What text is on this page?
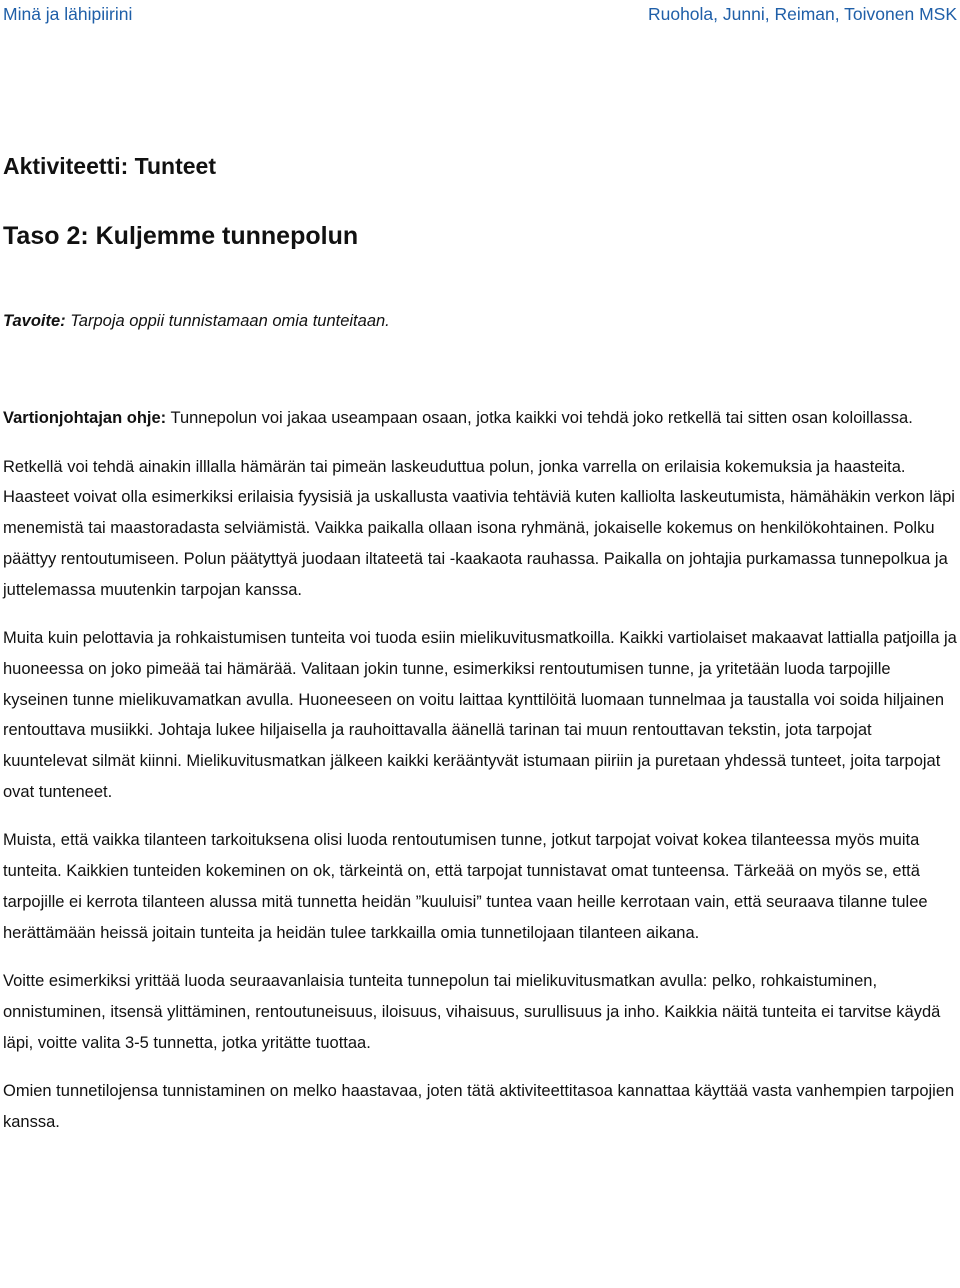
Minä ja lähipiirini	Ruohola, Junni, Reiman, Toivonen MSK
Aktiviteetti: Tunteet
Taso 2: Kuljemme tunnepolun

Tavoite: Tarpoja oppii tunnistamaan omia tunteitaan.

Vartionjohtajan ohje: Tunnepolun voi jakaa useampaan osaan, jotka kaikki voi tehdä joko retkellä tai sitten osan koloillassa.

Retkellä voi tehdä ainakin illlalla hämärän tai pimeän laskeuduttua polun, jonka varrella on erilaisia kokemuksia ja haasteita. Haasteet voivat olla esimerkiksi erilaisia fyysisiä ja uskallusta vaativia tehtäviä kuten kalliolta laskeutumista, hämähäkin verkon läpi menemistä tai maastoradasta selviämistä. Vaikka paikalla ollaan isona ryhmänä, jokaiselle kokemus on henkilökohtainen. Polku päättyy rentoutumiseen. Polun päätyttyä juodaan iltateetä tai -kaakaota rauhassa. Paikalla on johtajia purkamassa tunnepolkua ja juttelemassa muutenkin tarpojan kanssa.

Muita kuin pelottavia ja rohkaistumisen tunteita voi tuoda esiin mielikuvitusmatkoilla. Kaikki vartiolaiset makaavat lattialla patjoilla ja huoneessa on joko pimeää tai hämärää. Valitaan jokin tunne, esimerkiksi rentoutumisen tunne, ja yritetään luoda tarpojille kyseinen tunne mielikuvamatkan avulla. Huoneeseen on voitu laittaa kynttilöitä luomaan tunnelmaa ja taustalla voi soida hiljainen rentouttava musiikki. Johtaja lukee hiljaisella ja rauhoittavalla äänellä tarinan tai muun rentouttavan tekstin, jota tarpojat kuuntelevat silmät kiinni. Mielikuvitusmatkan jälkeen kaikki kerääntyvät istumaan piiriin ja puretaan yhdessä tunteet, joita tarpojat ovat tunteneet.

Muista, että vaikka tilanteen tarkoituksena olisi luoda rentoutumisen tunne, jotkut tarpojat voivat kokea tilanteessa myös muita tunteita. Kaikkien tunteiden kokeminen on ok, tärkeintä on, että tarpojat tunnistavat omat tunteensa. Tärkeää on myös se, että tarpojille ei kerrota tilanteen alussa mitä tunnetta heidän ”kuuluisi” tuntea vaan heille kerrotaan vain, että seuraava tilanne tulee herättämään heissä joitain tunteita ja heidän tulee tarkkailla omia tunnetilojaan tilanteen aikana.

Voitte esimerkiksi yrittää luoda seuraavanlaisia tunteita tunnepolun tai mielikuvitusmatkan avulla: pelko, rohkaistuminen, onnistuminen, itsensä ylittäminen, rentoutuneisuus, iloisuus, vihaisuus, surullisuus ja inho. Kaikkia näitä tunteita ei tarvitse käydä läpi, voitte valita 3-5 tunnetta, jotka yritätte tuottaa.

Omien tunnetilojensa tunnistaminen on melko haastavaa, joten tätä aktiviteettitasoa kannattaa käyttää vasta vanhempien tarpojien kanssa.
